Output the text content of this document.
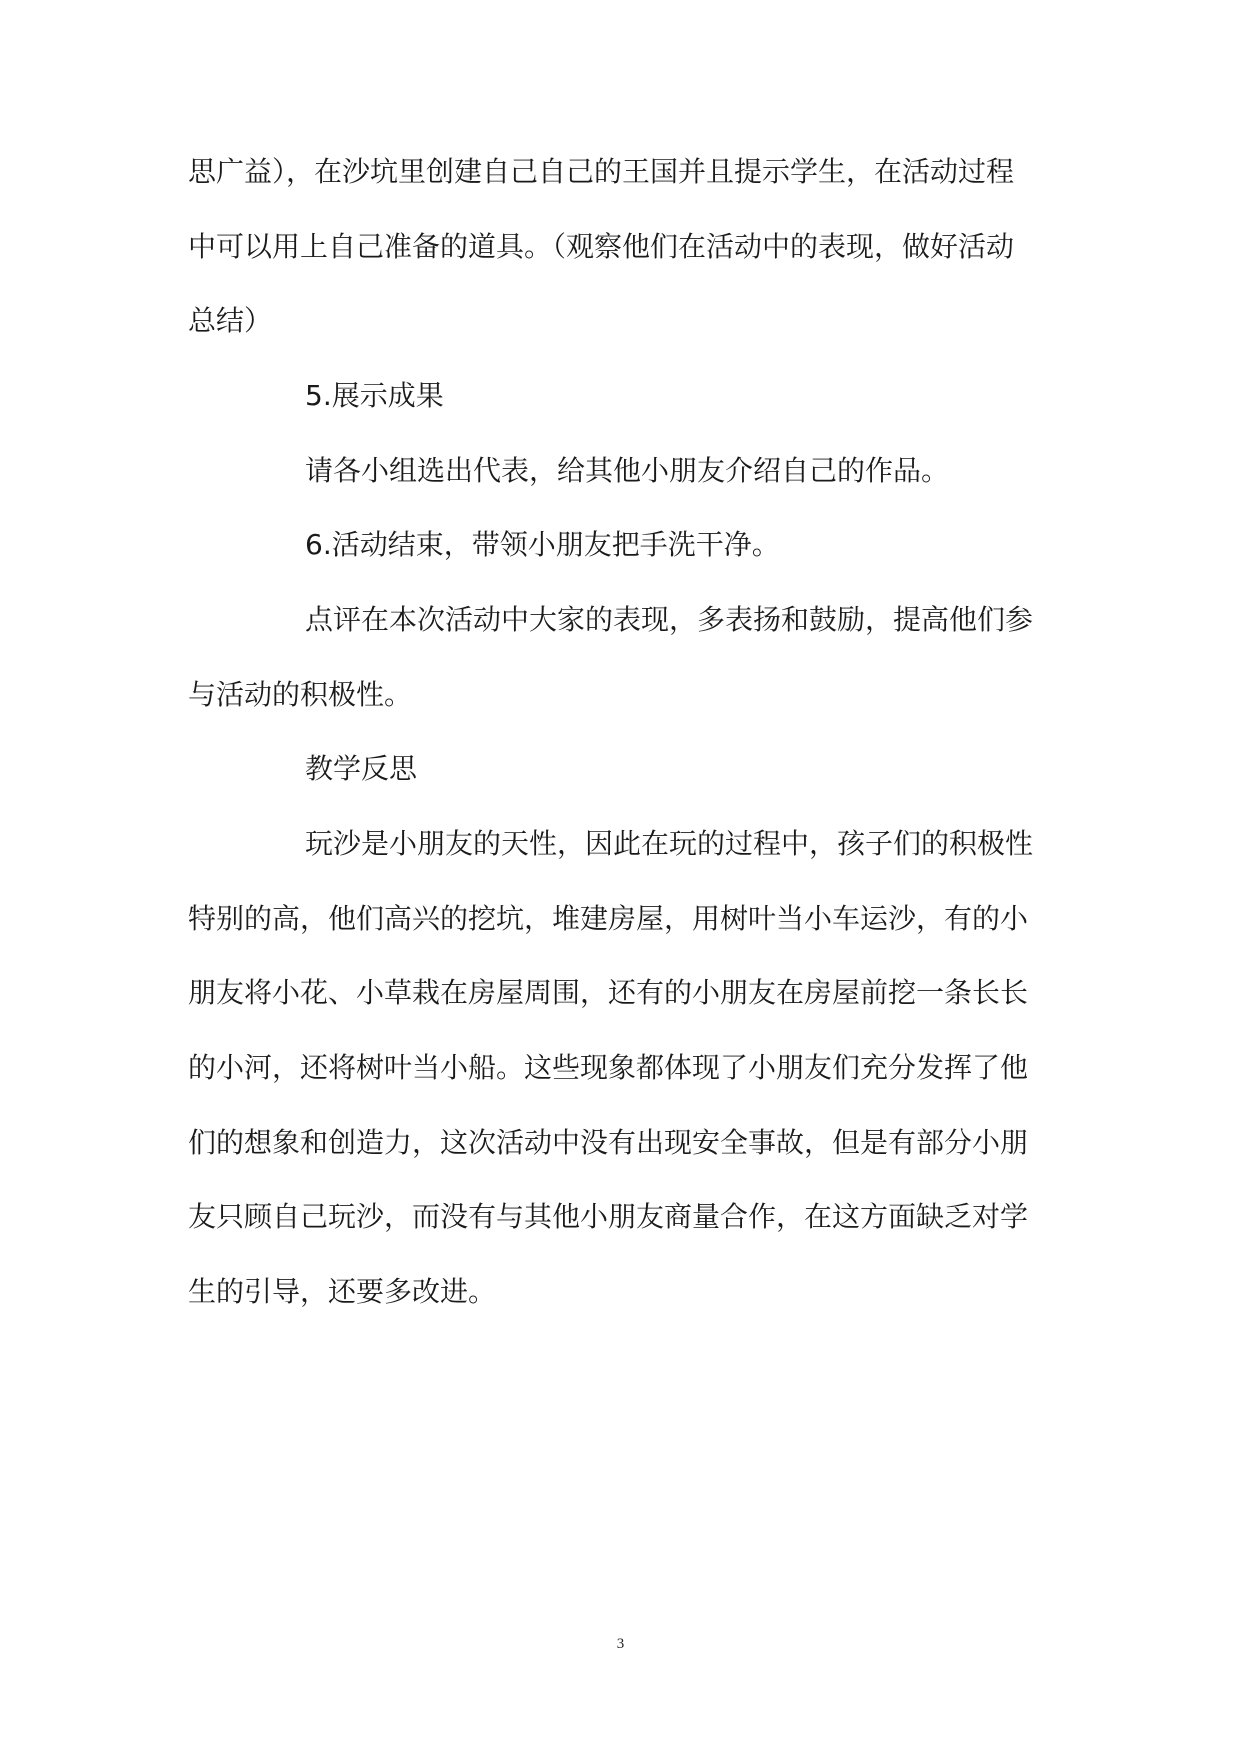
思广益），在沙坑里创建自己自己的王国并且提示学生，在活动过程
中可以用上自己准备的道具。（观察他们在活动中的表现，做好活动
总结）
5.展示成果
请各小组选出代表，给其他小朋友介绍自己的作品。
6.活动结束，带领小朋友把手洗干净。
点评在本次活动中大家的表现，多表扬和鼓励，提高他们参
与活动的积极性。
教学反思
玩沙是小朋友的天性，因此在玩的过程中，孩子们的积极性
特别的高，他们高兴的挖坑，堆建房屋，用树叶当小车运沙，有的小
朋友将小花、小草栽在房屋周围，还有的小朋友在房屋前挖一条长长
的小河，还将树叶当小船。这些现象都体现了小朋友们充分发挥了他
们的想象和创造力，这次活动中没有出现安全事故，但是有部分小朋
友只顾自己玩沙，而没有与其他小朋友商量合作，在这方面缺乏对学
生的引导，还要多改进。
3
